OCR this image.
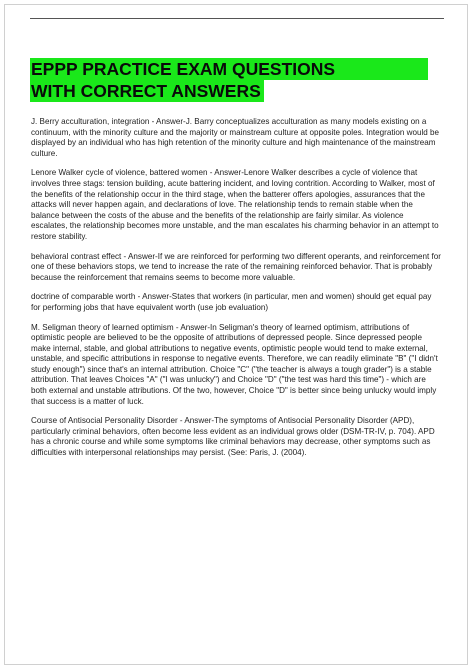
EPPP PRACTICE EXAM QUESTIONS
WITH CORRECT ANSWERS

J. Berry acculturation, integration - Answer-J. Barry conceptualizes acculturation as many models existing on a continuum, with the minority culture and the majority or mainstream culture at opposite poles. Integration would be displayed by an individual who has high retention of the minority culture and high maintenance of the mainstream culture.

Lenore Walker cycle of violence, battered women - Answer-Lenore Walker describes a cycle of violence that involves three stags: tension building, acute battering incident, and loving contrition. According to Walker, most of the benefits of the relationship occur in the third stage, when the batterer offers apologies, assurances that the attacks will never happen again, and declarations of love. The relationship tends to remain stable when the balance between the costs of the abuse and the benefits of the relationship are fairly similar. As violence escalates, the relationship becomes more unstable, and the man escalates his charming behavior in an attempt to restore stability.

behavioral contrast effect - Answer-If we are reinforced for performing two different operants, and reinforcement for one of these behaviors stops, we tend to increase the rate of the remaining reinforced behavior. That is probably because the reinforcement that remains seems to become more valuable.

doctrine of comparable worth - Answer-States that workers (in particular, men and women) should get equal pay for performing jobs that have equivalent worth (use job evaluation)

M. Seligman theory of learned optimism - Answer-In Seligman's theory of learned optimism, attributions of optimistic people are believed to be the opposite of attributions of depressed people. Since depressed people make internal, stable, and global attributions to negative events, optimistic people would tend to make external, unstable, and specific attributions in response to negative events. Therefore, we can readily eliminate "B" ("I didn't study enough") since that's an internal attribution. Choice "C" ("the teacher is always a tough grader") is a stable attribution. That leaves Choices "A" ("I was unlucky") and Choice "D" ("the test was hard this time") - which are both external and unstable attributions. Of the two, however, Choice "D" is better since being unlucky would imply that success is a matter of luck.

Course of Antisocial Personality Disorder - Answer-The symptoms of Antisocial Personality Disorder (APD), particularly criminal behaviors, often become less evident as an individual grows older (DSM-TR-IV, p. 704). APD has a chronic course and while some symptoms like criminal behaviors may decrease, other symptoms such as difficulties with interpersonal relationships may persist. (See: Paris, J. (2004).
